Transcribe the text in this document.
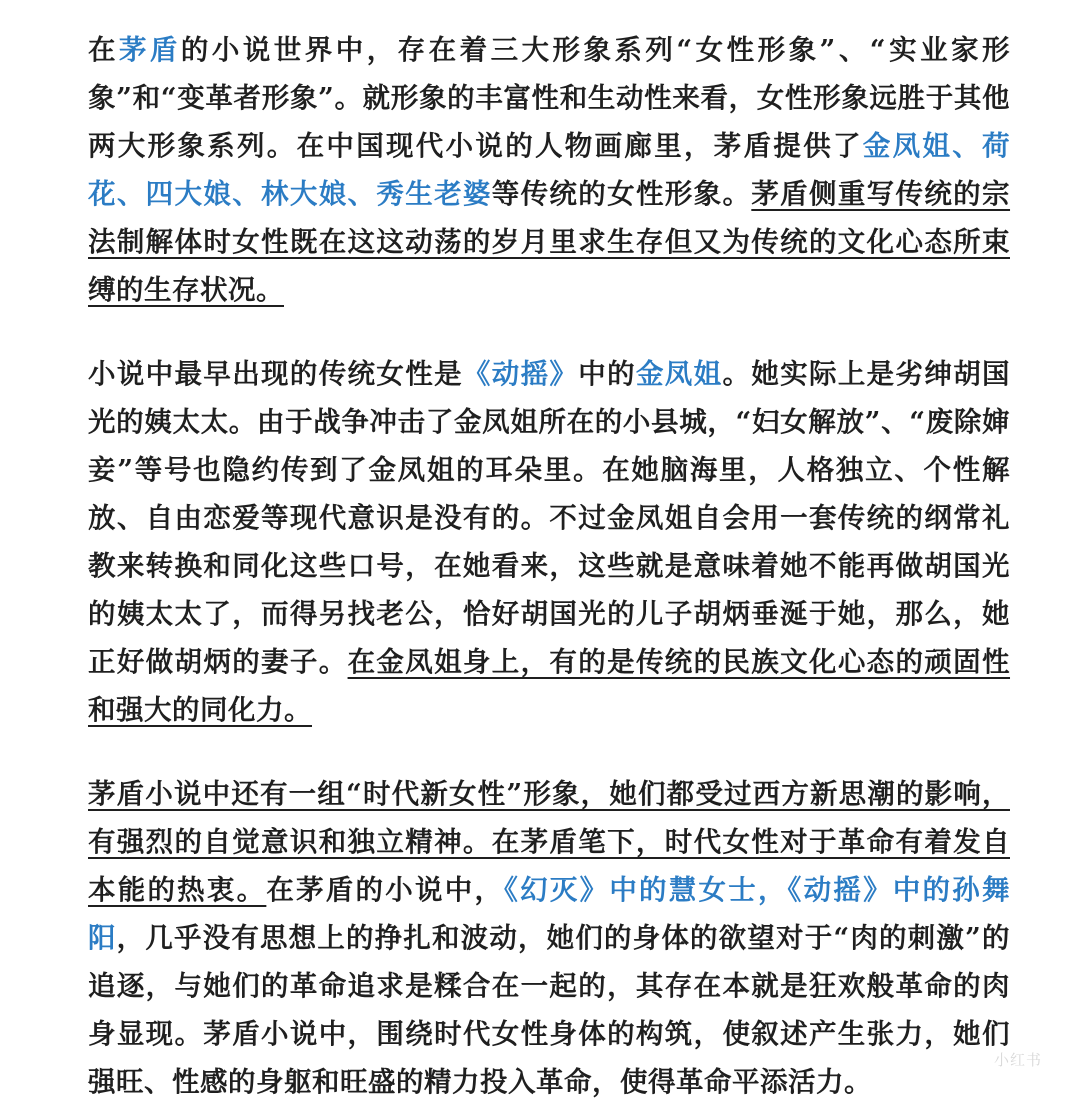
在茅盾的小说世界中，存在着三大形象系列“女性形象”、“实业家形象”和“变革者形象”。就形象的丰富性和生动性来看，女性形象远胜于其他两大形象系列。在中国现代小说的人物画廊里，茅盾提供了金凤姐、荷花、四大娘、林大娘、秀生老婆等传统的女性形象。茅盾侧重写传统的宗法制解体时女性既在这这动荡的岁月里求生存但又为传统的文化心态所束缚的生存状况。

小说中最早出现的传统女性是《动摇》中的金凤姐。她实际上是劣绅胡国光的姨太太。由于战争冲击了金凤姐所在的小县城，“妇女解放”、“废除婶妾”等号也隐约传到了金凤姐的耳朵里。在她脑海里，人格独立、个性解放、自由恋爱等现代意识是没有的。不过金凤姐自会用一套传统的纲常礼教来转换和同化这些口号，在她看来，这些就是意味着她不能再做胡国光的姨太太了，而得另找老公，恰好胡国光的儿子胡炳垂涎于她，那么，她正好做胡炳的妻子。在金凤姐身上，有的是传统的民族文化心态的顽固性和强大的同化力。

茅盾小说中还有一组“时代新女性”形象，她们都受过西方新思潮的影响，有强烈的自觉意识和独立精神。在茅盾笔下，时代女性对于革命有着发自本能的热衷。在茅盾的小说中，《幻灭》中的慧女士，《动摇》中的孙舞阳，几乎没有思想上的挣扎和波动，她们的身体的欲望对于“肉的刺激”的追逐，与她们的革命追求是糅合在一起的，其存在本就是狂欢般革命的肉身显现。茅盾小说中，围绕时代女性身体的构筑，使叙述产生张力，她们强旺、性感的身躯和旺盛的精力投入革命，使得革命平添活力。

小红书
